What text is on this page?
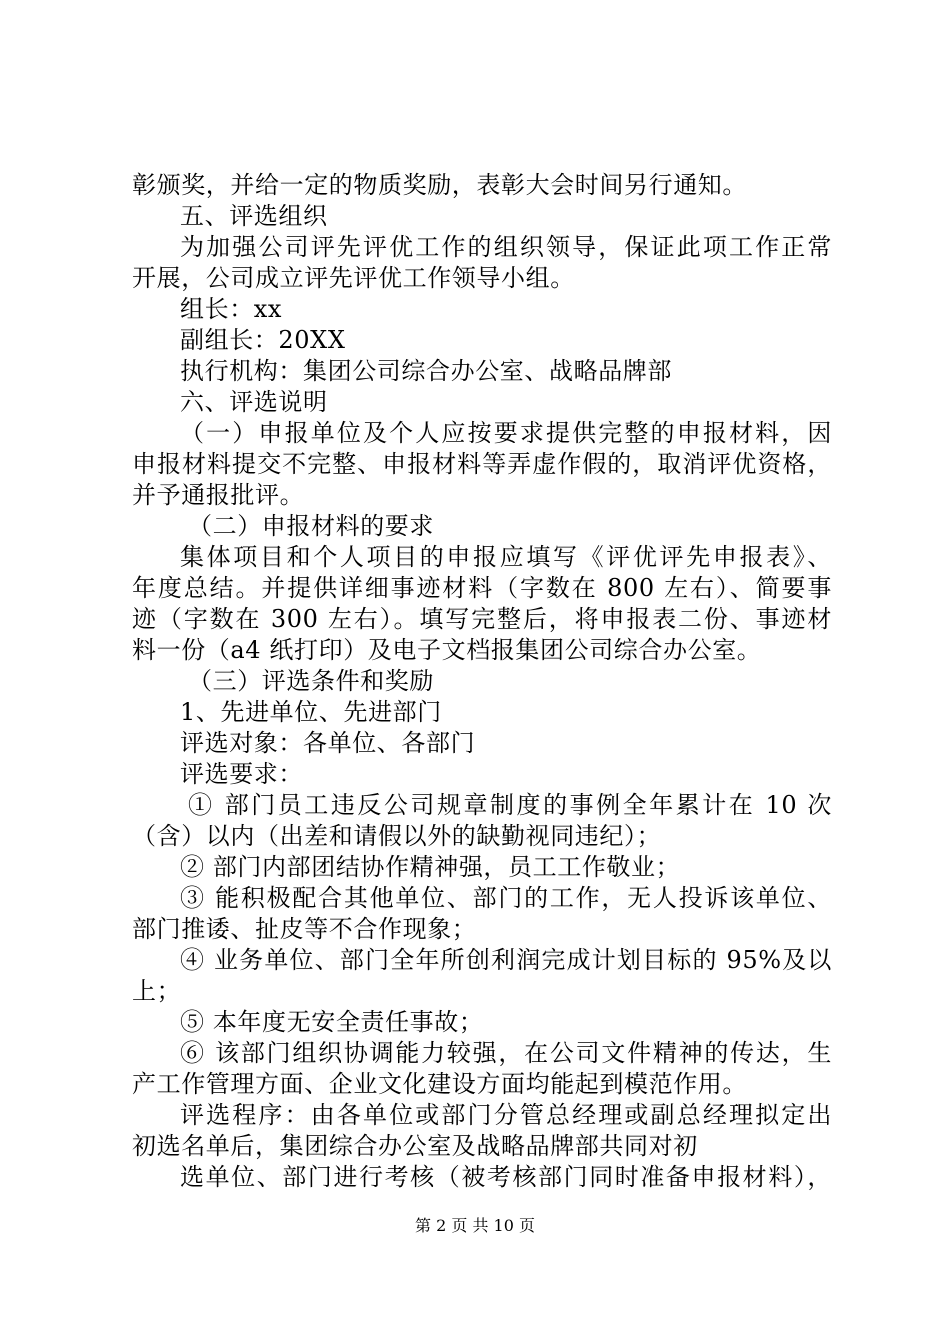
彰颁奖，并给一定的物质奖励，表彰大会时间另行通知。
五、评选组织
为加强公司评先评优工作的组织领导，保证此项工作正常
开展，公司成立评先评优工作领导小组。
组长：xx
副组长：20XX
执行机构：集团公司综合办公室、战略品牌部
六、评选说明
（一）申报单位及个人应按要求提供完整的申报材料，因
申报材料提交不完整、申报材料等弄虚作假的，取消评优资格，
并予通报批评。
（二）申报材料的要求
集体项目和个人项目的申报应填写《评优评先申报表》、
年度总结。并提供详细事迹材料（字数在 800 左右）、简要事
迹（字数在 300 左右）。填写完整后，将申报表二份、事迹材
料一份（a4 纸打印）及电子文档报集团公司综合办公室。
（三）评选条件和奖励
1、先进单位、先进部门
评选对象：各单位、各部门
评选要求：
① 部门员工违反公司规章制度的事例全年累计在 10 次
（含）以内（出差和请假以外的缺勤视同违纪）；
② 部门内部团结协作精神强，员工工作敬业；
③ 能积极配合其他单位、部门的工作，无人投诉该单位、
部门推诿、扯皮等不合作现象；
④ 业务单位、部门全年所创利润完成计划目标的 95%及以
上；
⑤ 本年度无安全责任事故；
⑥ 该部门组织协调能力较强，在公司文件精神的传达，生
产工作管理方面、企业文化建设方面均能起到模范作用。
评选程序：由各单位或部门分管总经理或副总经理拟定出
初选名单后，集团综合办公室及战略品牌部共同对初
选单位、部门进行考核（被考核部门同时准备申报材料），
第 2 页 共 10 页
